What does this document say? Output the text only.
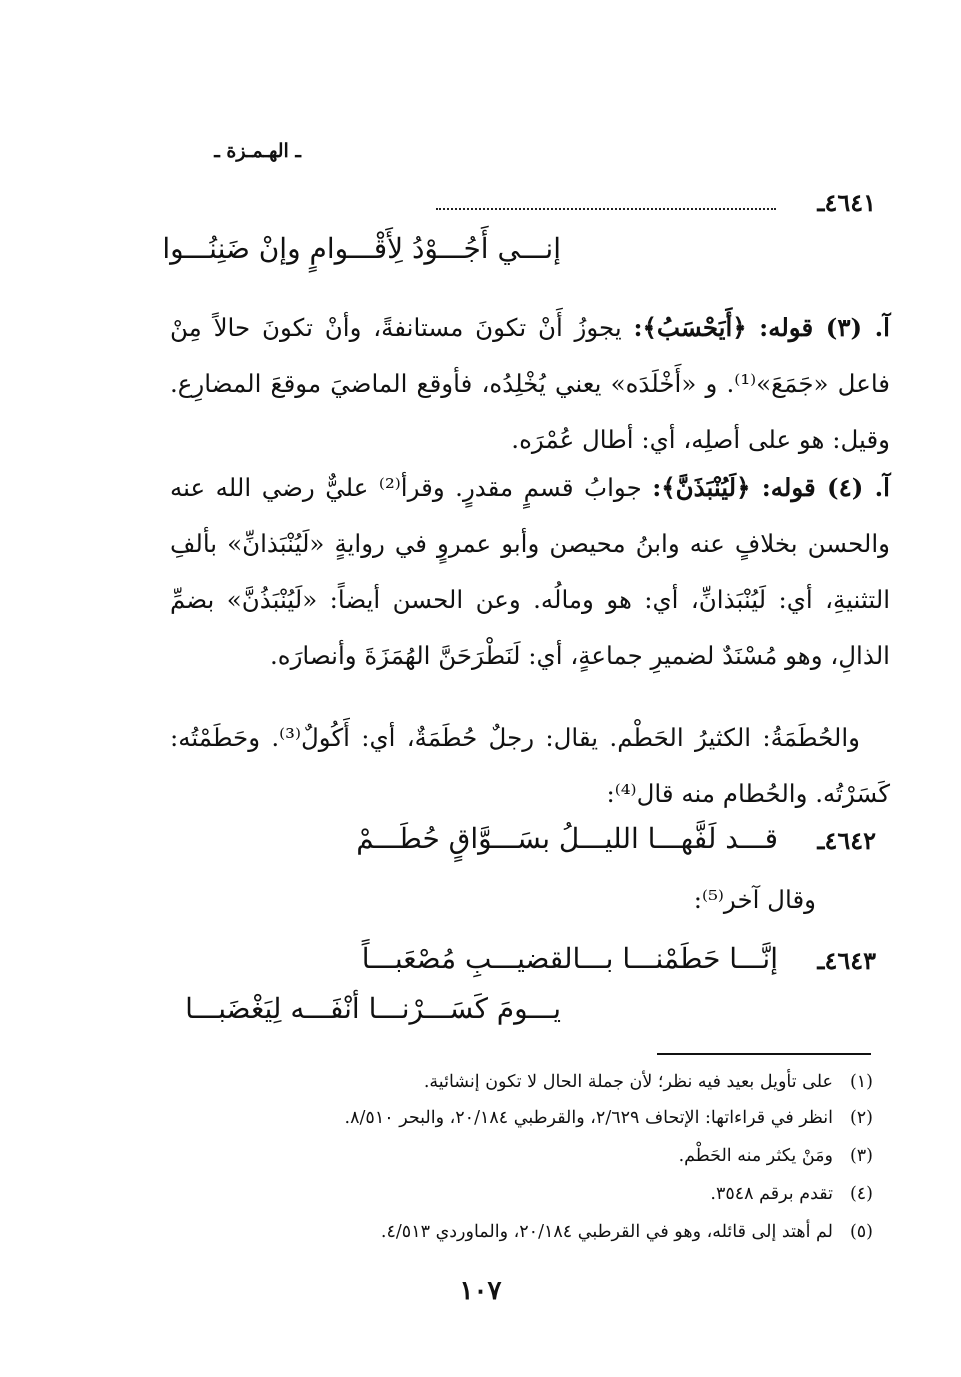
ـ الهـمـزة ـ
٤٦٤١ـ
إنـــي أَجُـــوْدُ لِأَقْـــوامٍ وإنْ ضَنِنُـــوا

آ. (٣) قوله: ﴿أَيَحْسَبُ﴾: يجوزُ أَنْ تكونَ مستانفةً، وأنْ تكونَ حالاً مِنْ فاعل «جَمَعَ»⁽¹⁾. و «أَخْلَدَه» يعني يُخْلِدُه، فأوقع الماضيَ موقعَ المضارِع. وقيل: هو على أصلِه، أي: أطال عُمْرَه.

آ. (٤) قوله: ﴿لَيُنْبَذَنَّ﴾: جوابُ قسمٍ مقدرٍ. وقرأ⁽²⁾ عليٌّ رضي الله عنه والحسن بخلافٍ عنه وابنُ محيصن وأبو عمروٍ في روايةٍ «لَيُنْبَذانِّ» بألفِ التثنيةِ، أي: لَيُنْبَذانِّ، أي: هو ومالُه. وعن الحسن أيضاً: «لَيُنْبَذُنَّ» بضمِّ الذالِ، وهو مُسْنَدٌ لضميرِ جماعةٍ، أي: لَنَطْرَحَنَّ الهُمَزَةَ وأنصارَه.

والحُطَمَةُ: الكثيرُ الحَطْم. يقال: رجلٌ حُطَمَةٌ، أي: أَكُولٌ⁽³⁾. وحَطَمْتُه: كَسَرْتُه. والحُطام منه قال⁽⁴⁾:

٤٦٤٢ـ
قـــد لَفَّهـــا الليـــلُ بسَـــوَّاقٍ حُطَـــمْ
وقال آخر⁽⁵⁾:
٤٦٤٣ـ
إنَّـــا حَطَمْنـــا بـــالقضيـــبِ مُصْعَبـــاً
يـــومَ كَسَـــرْنـــا أنْفَـــه لِيَغْضَبـــا
(١)على تأويل بعيد فيه نظر؛ لأن جملة الحال لا تكون إنشائية.
(٢)انظر في قراءاتها: الإتحاف ٢/٦٢٩، والقرطبي ٢٠/١٨٤، والبحر ٨/٥١٠.
(٣)ومَنْ يكثر منه الحَطْم.
(٤)تقدم برقم ٣٥٤٨.
(٥)لم أهتد إلى قائله، وهو في القرطبي ٢٠/١٨٤، والماوردي ٤/٥١٣.
١٠٧
